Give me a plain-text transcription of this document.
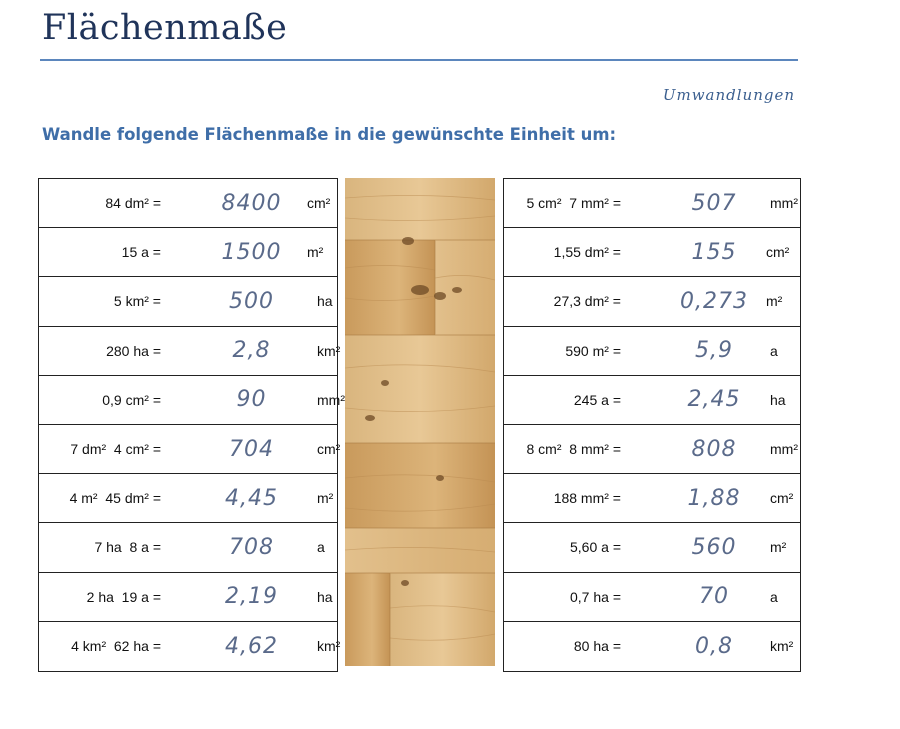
Flächenmaße
Umwandlungen
Wandle folgende Flächenmaße in die gewünschte Einheit um:
84 dm² =	8400	cm²
15 a =	1500	m²
5 km² =	500	ha
280 ha =	2,8	km²
0,9 cm² =	90	mm²
7 dm²  4 cm² =	704	cm²
4 m²  45 dm² =	4,45	m²
7 ha  8 a =	708	a
2 ha  19 a =	2,19	ha
4 km²  62 ha =	4,62	km²
5 cm²  7 mm² =	507	mm²
1,55 dm² =	155	cm²
27,3 dm² =	0,273	m²
590 m² =	5,9	a
245 a =	2,45	ha
8 cm²  8 mm² =	808	mm²
188 mm² =	1,88	cm²
5,60 a =	560	m²
0,7 ha =	70	a
80 ha =	0,8	km²
